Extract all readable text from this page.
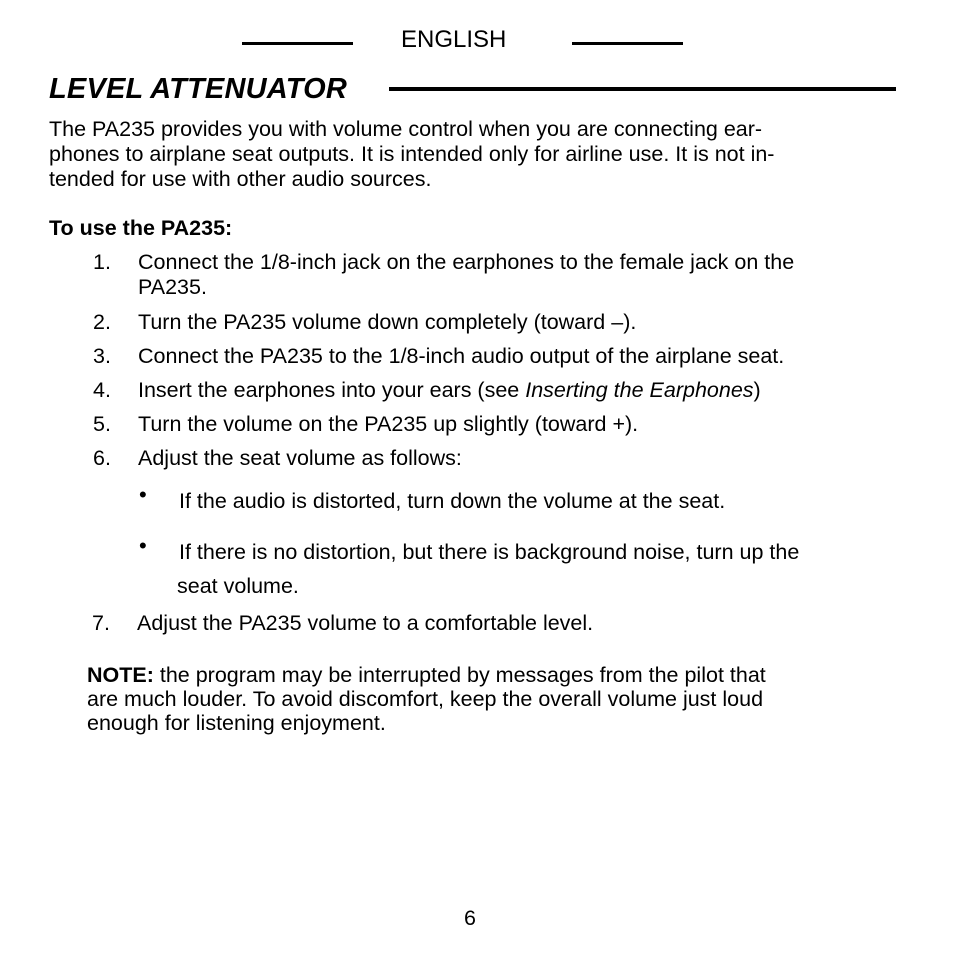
ENGLISH
LEVEL ATTENUATOR
The PA235 provides you with volume control when you are connecting ear-
phones to airplane seat outputs. It is intended only for airline use. It is not in-
tended for use with other audio sources.
To use the PA235:
1. Connect the 1/8-inch jack on the earphones to the female jack on the
PA235.
2. Turn the PA235 volume down completely (toward –).
3. Connect the PA235 to the 1/8-inch audio output of the airplane seat.
4. Insert the earphones into your ears (see Inserting the Earphones)
5. Turn the volume on the PA235 up slightly (toward +).
6. Adjust the seat volume as follows:
• If the audio is distorted, turn down the volume at the seat.
• If there is no distortion, but there is background noise, turn up the
seat volume.
7. Adjust the PA235 volume to a comfortable level.
NOTE: the program may be interrupted by messages from the pilot that
are much louder. To avoid discomfort, keep the overall volume just loud
enough for listening enjoyment.
6
